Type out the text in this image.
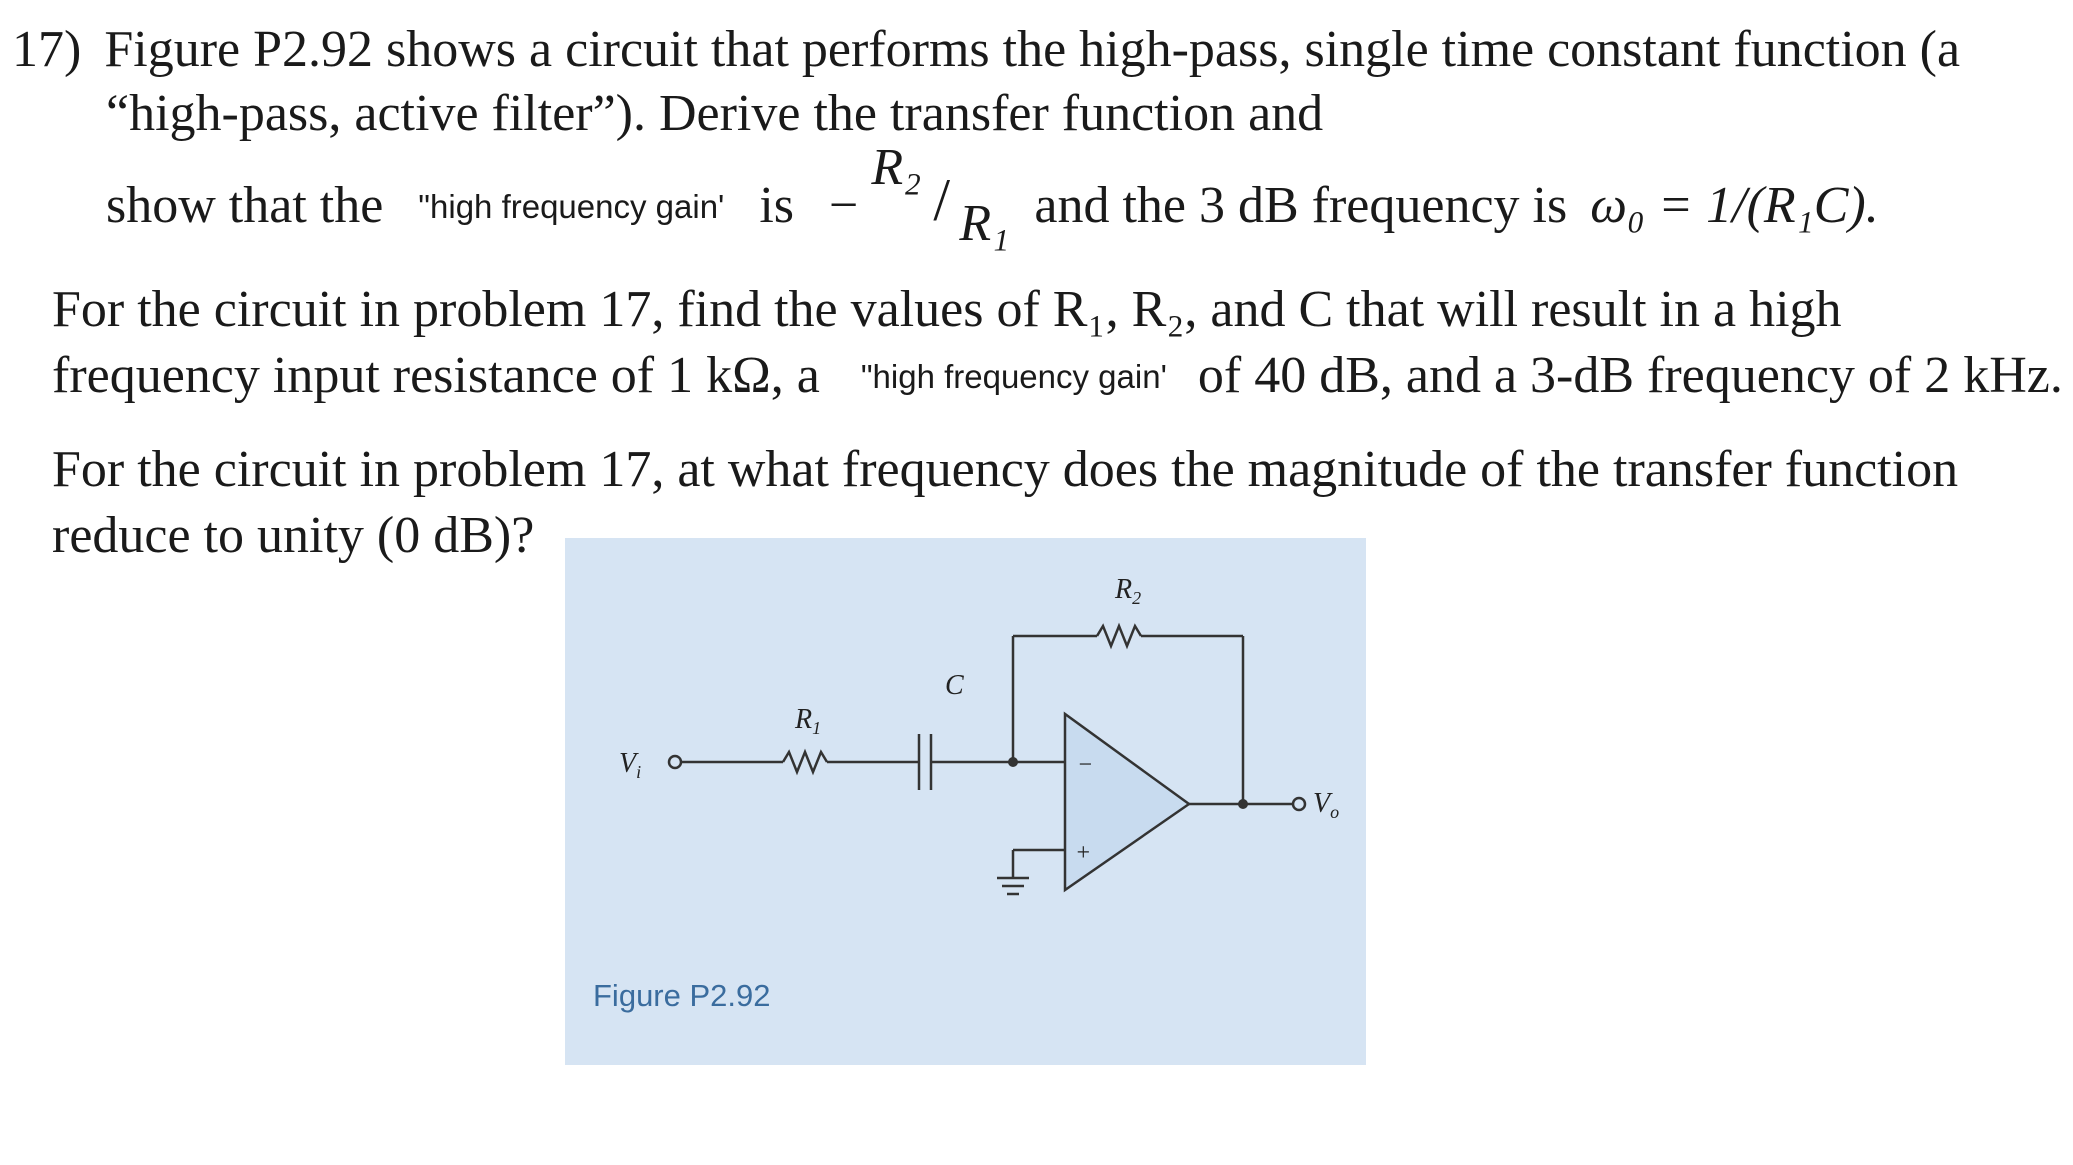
17) Figure P2.92 shows a circuit that performs the high-pass, single time constant function (a
“high-pass, active filter”). Derive the transfer function and
show that the "high frequency gain' is −
R₂ / R₁ and the 3 dB frequency is ω₀ = 1/(R₁C).
For the circuit in problem 17, find the values of R₁, R₂, and C that will result in a high
frequency input resistance of 1 kΩ, a "high frequency gain' of 40 dB, and a 3-dB frequency of 2 kHz.
For the circuit in problem 17, at what frequency does the magnitude of the transfer function
reduce to unity (0 dB)?
$R_2$
C
$R_1$
$V_i$
$V_o$
−
+
Figure P2.92
